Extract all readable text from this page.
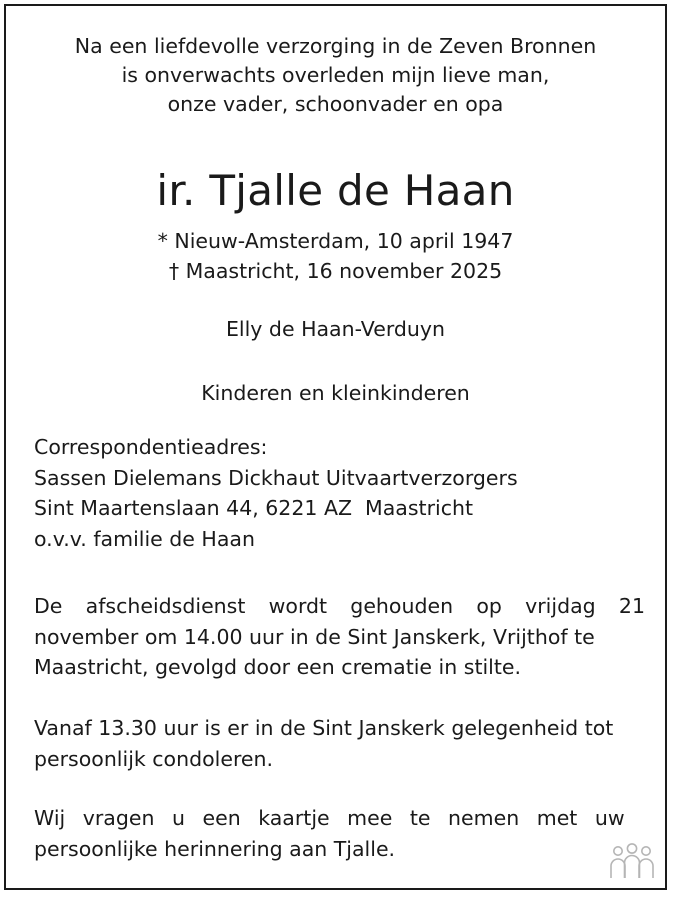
Na een liefdevolle verzorging in de Zeven Bronnen
is onverwachts overleden mijn lieve man,
onze vader, schoonvader en opa
ir. Tjalle de Haan
* Nieuw-Amsterdam, 10 april 1947
† Maastricht, 16 november 2025
Elly de Haan-Verduyn
Kinderen en kleinkinderen
Correspondentieadres:
Sassen Dielemans Dickhaut Uitvaartverzorgers
Sint Maartenslaan 44, 6221 AZ  Maastricht
o.v.v. familie de Haan
De afscheidsdienst wordt gehouden op vrijdag 21
november om 14.00 uur in de Sint Janskerk, Vrijthof te
Maastricht, gevolgd door een crematie in stilte.
Vanaf 13.30 uur is er in de Sint Janskerk gelegenheid tot
persoonlijk condoleren.
Wij vragen u een kaartje mee te nemen met uw
persoonlijke herinnering aan Tjalle.
